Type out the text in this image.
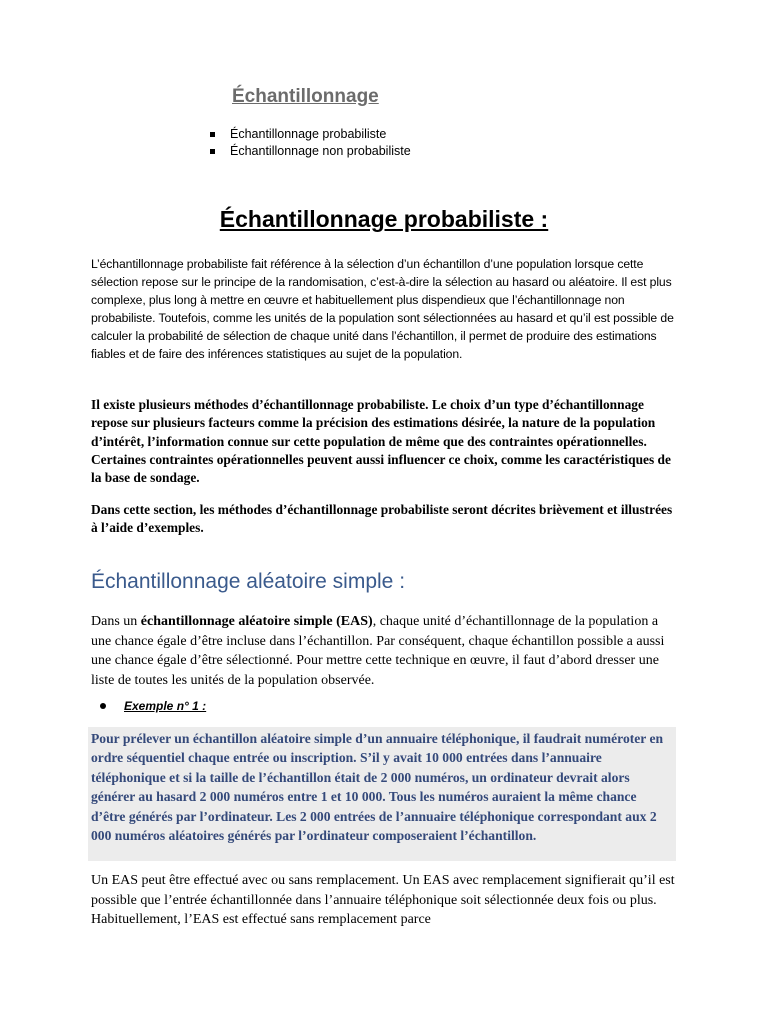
Échantillonnage
Échantillonnage probabiliste
Échantillonnage non probabiliste
Échantillonnage probabiliste :

L’échantillonnage probabiliste fait référence à la sélection d’un échantillon d’une population lorsque cette sélection repose sur le principe de la randomisation, c’est-à-dire la sélection au hasard ou aléatoire. Il est plus complexe, plus long à mettre en œuvre et habituellement plus dispendieux que l’échantillonnage non probabiliste. Toutefois, comme les unités de la population sont sélectionnées au hasard et qu’il est possible de calculer la probabilité de sélection de chaque unité dans l’échantillon, il permet de produire des estimations fiables et de faire des inférences statistiques au sujet de la population.

Il existe plusieurs méthodes d’échantillonnage probabiliste. Le choix d’un type d’échantillonnage repose sur plusieurs facteurs comme la précision des estimations désirée, la nature de la population d’intérêt, l’information connue sur cette population de même que des contraintes opérationnelles. Certaines contraintes opérationnelles peuvent aussi influencer ce choix, comme les caractéristiques de la base de sondage.

Dans cette section, les méthodes d’échantillonnage probabiliste seront décrites brièvement et illustrées à l’aide d’exemples.

Échantillonnage aléatoire simple :

Dans un échantillonnage aléatoire simple (EAS), chaque unité d’échantillonnage de la population a une chance égale d’être incluse dans l’échantillon. Par conséquent, chaque échantillon possible a aussi une chance égale d’être sélectionné. Pour mettre cette technique en œuvre, il faut d’abord dresser une liste de toutes les unités de la population observée.

Exemple n° 1 :
Pour prélever un échantillon aléatoire simple d’un annuaire téléphonique, il faudrait numéroter en ordre séquentiel chaque entrée ou inscription. S’il y avait 10 000 entrées dans l’annuaire téléphonique et si la taille de l’échantillon était de 2 000 numéros, un ordinateur devrait alors générer au hasard 2 000 numéros entre 1 et 10 000. Tous les numéros auraient la même chance d’être générés par l’ordinateur. Les 2 000 entrées de l’annuaire téléphonique correspondant aux 2 000 numéros aléatoires générés par l’ordinateur composeraient l’échantillon.

Un EAS peut être effectué avec ou sans remplacement. Un EAS avec remplacement signifierait qu’il est possible que l’entrée échantillonnée dans l’annuaire téléphonique soit sélectionnée deux fois ou plus. Habituellement, l’EAS est effectué sans remplacement parce
